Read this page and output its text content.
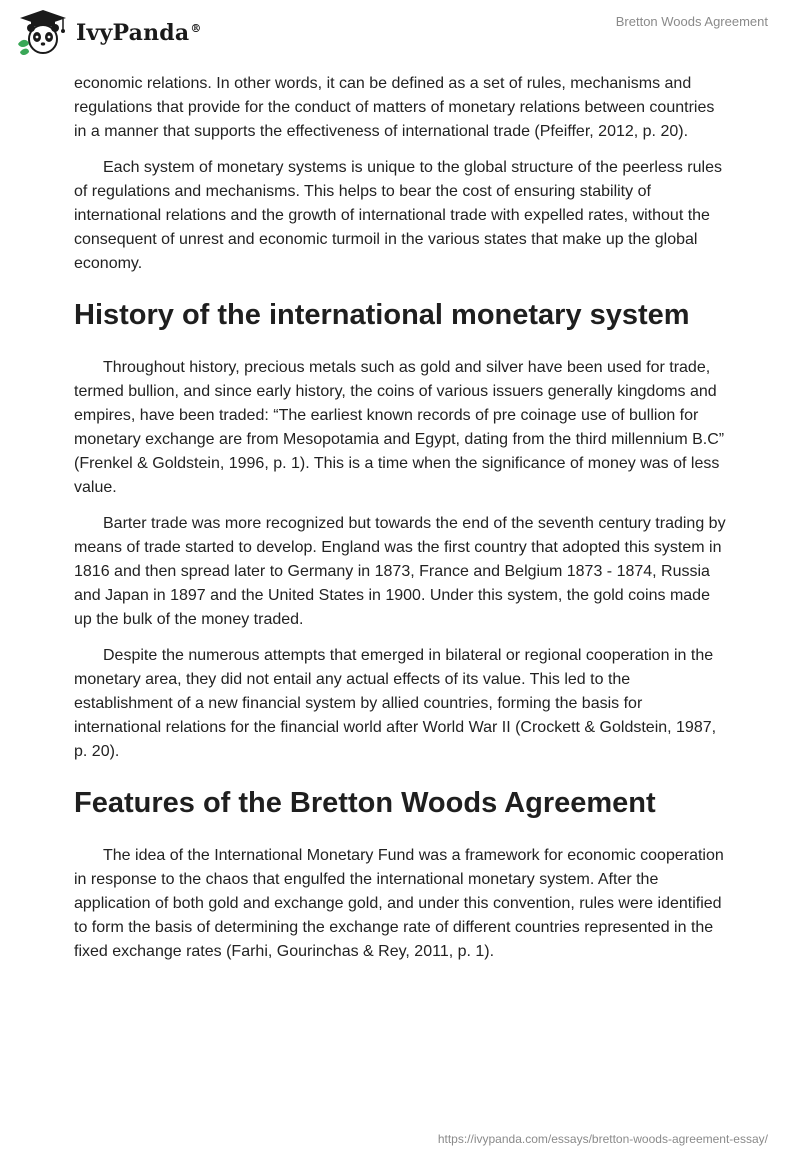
IvyPanda®	Bretton Woods Agreement

economic relations. In other words, it can be defined as a set of rules, mechanisms and regulations that provide for the conduct of matters of monetary relations between countries in a manner that supports the effectiveness of international trade (Pfeiffer, 2012, p. 20).

Each system of monetary systems is unique to the global structure of the peerless rules of regulations and mechanisms. This helps to bear the cost of ensuring stability of international relations and the growth of international trade with expelled rates, without the consequent of unrest and economic turmoil in the various states that make up the global economy.

History of the international monetary system

Throughout history, precious metals such as gold and silver have been used for trade, termed bullion, and since early history, the coins of various issuers generally kingdoms and empires, have been traded: “The earliest known records of pre coinage use of bullion for monetary exchange are from Mesopotamia and Egypt, dating from the third millennium B.C” (Frenkel & Goldstein, 1996, p. 1). This is a time when the significance of money was of less value.

Barter trade was more recognized but towards the end of the seventh century trading by means of trade started to develop. England was the first country that adopted this system in 1816 and then spread later to Germany in 1873, France and Belgium 1873 - 1874, Russia and Japan in 1897 and the United States in 1900. Under this system, the gold coins made up the bulk of the money traded.

Despite the numerous attempts that emerged in bilateral or regional cooperation in the monetary area, they did not entail any actual effects of its value. This led to the establishment of a new financial system by allied countries, forming the basis for international relations for the financial world after World War II (Crockett & Goldstein, 1987, p. 20).

Features of the Bretton Woods Agreement

The idea of the International Monetary Fund was a framework for economic cooperation in response to the chaos that engulfed the international monetary system. After the application of both gold and exchange gold, and under this convention, rules were identified to form the basis of determining the exchange rate of different countries represented in the fixed exchange rates (Farhi, Gourinchas & Rey, 2011, p. 1).

https://ivypanda.com/essays/bretton-woods-agreement-essay/
